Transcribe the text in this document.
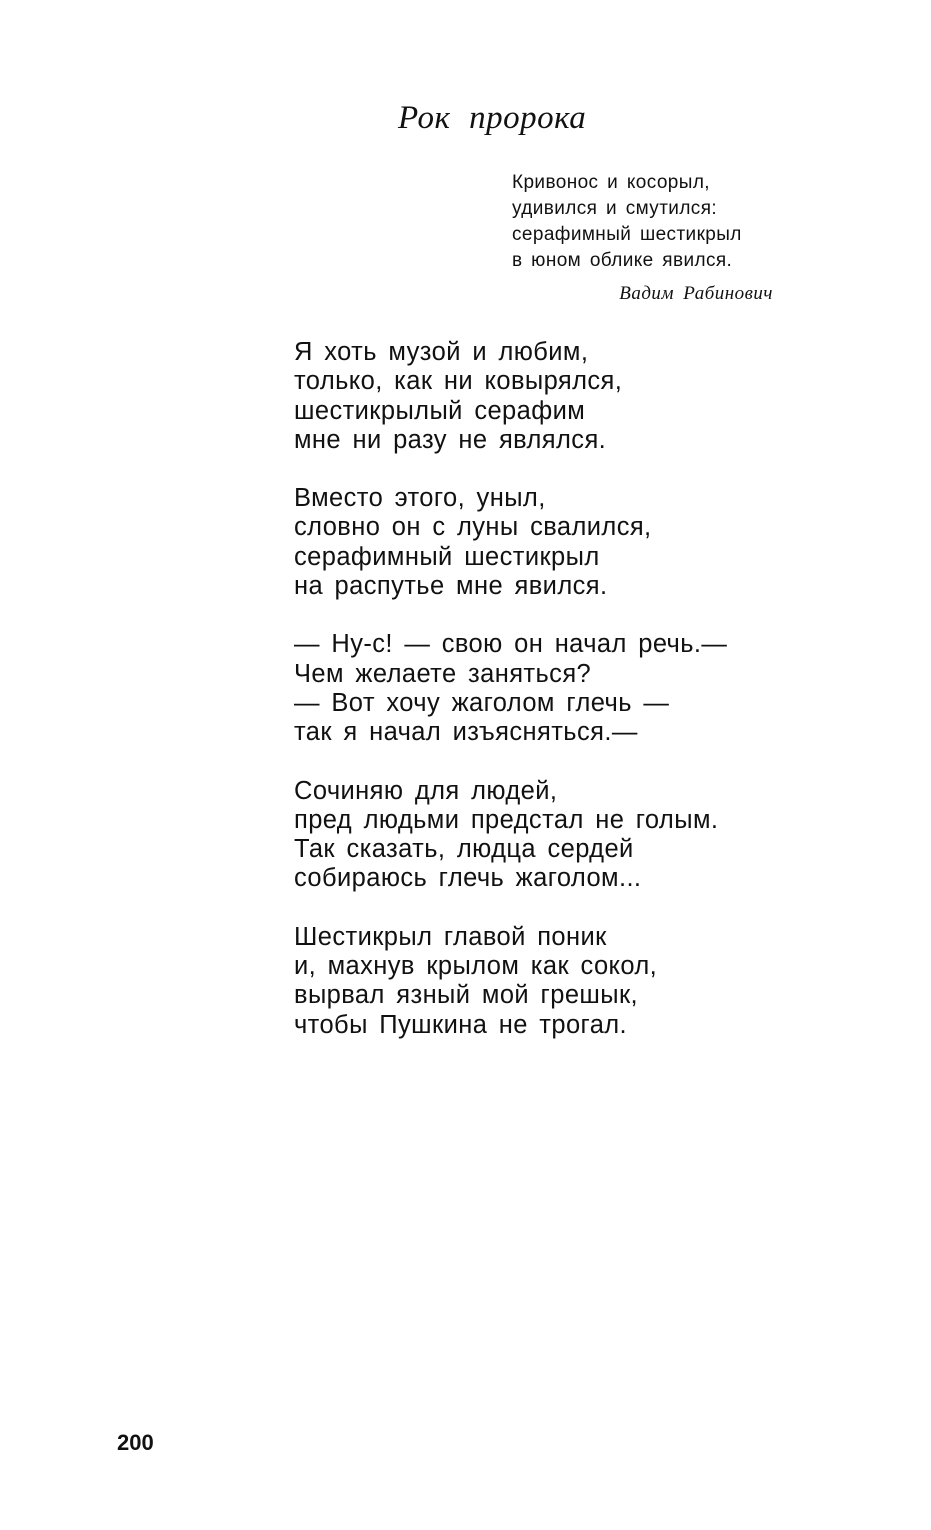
Рок пророка
Кривонос и косорыл,
удивился и смутился:
серафимный шестикрыл
в юном облике явился.
Вадим Рабинович
Я хоть музой и любим,
только, как ни ковырялся,
шестикрылый серафим
мне ни разу не являлся.
Вместо этого, уныл,
словно он с луны свалился,
серафимный шестикрыл
на распутье мне явился.
— Ну-с! — свою он начал речь.—
Чем желаете заняться?
— Вот хочу жаголом глечь —
так я начал изъясняться.—
Сочиняю для людей,
пред людьми предстал не голым.
Так сказать, людца сердей
собираюсь глечь жаголом...
Шестикрыл главой поник
и, махнув крылом как сокол,
вырвал язный мой грешык,
чтобы Пушкина не трогал.
200
